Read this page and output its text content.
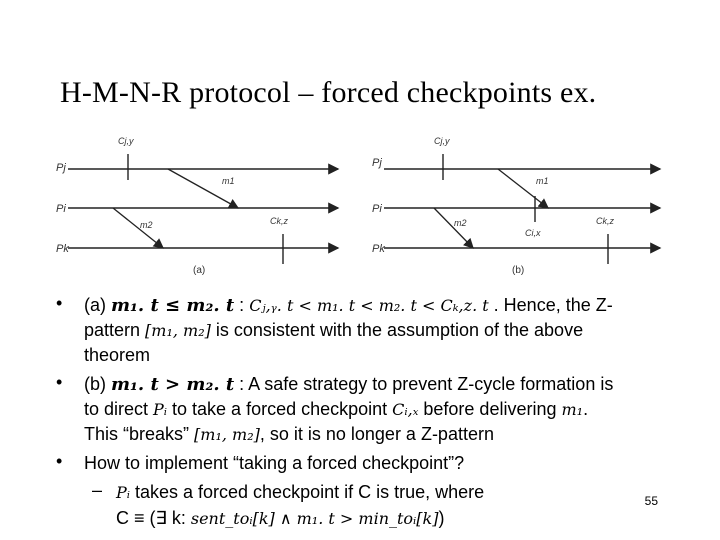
H-M-N-R protocol – forced checkpoints ex.
Pj
Pi
Pk
Cj,y
m1
m2	Ck,z
(a)
Pj
Pi
Pk
Cj,y
m1
m2
Ci,x
Ck,z
(b)
• (a) m₁. t ≤ m₂. t : Cⱼ,ᵧ. t < m₁. t < m₂. t < Cₖ,z. t . Hence, the Z-
pattern [m₁, m₂] is consistent with the assumption of the above
theorem
• (b) m₁. t > m₂. t : A safe strategy to prevent Z-cycle formation is
to direct Pᵢ to take a forced checkpoint Cᵢ,ₓ before delivering m₁.
This “breaks” [m₁, m₂], so it is no longer a Z-pattern
• How to implement “taking a forced checkpoint”?
– Pᵢ takes a forced checkpoint if C is true, where
C ≡ (∃ k: sent_toᵢ[k] ∧ m₁. t > min_toᵢ[k])
55
